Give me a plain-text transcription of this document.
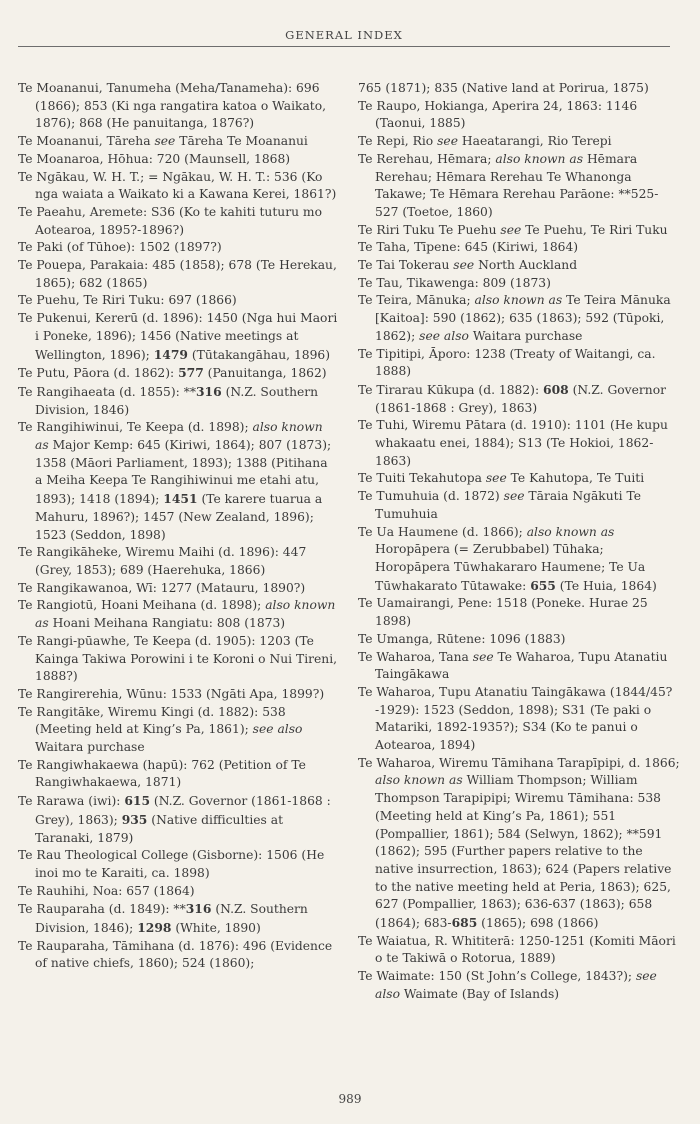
GENERAL INDEX

Te Moananui, Tanumeha (Meha/Tanameha): 696 (1866); 853 (Ki nga rangatira katoa o Waikato, 1876); 868 (He panuitanga, 1876?)

Te Moananui, Tāreha see Tāreha Te Moananui

Te Moanaroa, Hōhua: 720 (Maunsell, 1868)

Te Ngākau, W. H. T.; = Ngākau, W. H. T.: 536 (Ko nga waiata a Waikato ki a Kawana Kerei, 1861?)

Te Paeahu, Aremete: S36 (Ko te kahiti tuturu mo Aotearoa, 1895?-1896?)

Te Paki (of Tūhoe): 1502 (1897?)

Te Pouepa, Parakaia: 485 (1858); 678 (Te Herekau, 1865); 682 (1865)

Te Puehu, Te Riri Tuku: 697 (1866)

Te Pukenui, Kererū (d. 1896): 1450 (Nga hui Maori i Poneke, 1896); 1456 (Native meetings at Wellington, 1896); 1479 (Tūtakangāhau, 1896)

Te Putu, Pāora (d. 1862): 577 (Panuitanga, 1862)

Te Rangihaeata (d. 1855): **316 (N.Z. Southern Division, 1846)

Te Rangihiwinui, Te Keepa (d. 1898); also known as Major Kemp: 645 (Kiriwi, 1864); 807 (1873); 1358 (Māori Parliament, 1893); 1388 (Pitihana a Meiha Keepa Te Rangihiwinui me etahi atu, 1893); 1418 (1894); 1451 (Te karere tuarua a Mahuru, 1896?); 1457 (New Zealand, 1896); 1523 (Seddon, 1898)

Te Rangikāheke, Wiremu Maihi (d. 1896): 447 (Grey, 1853); 689 (Haerehuka, 1866)

Te Rangikawanoa, Wī: 1277 (Matauru, 1890?)

Te Rangiotū, Hoani Meihana (d. 1898); also known as Hoani Meihana Rangiatu: 808 (1873)

Te Rangi-pūawhe, Te Keepa (d. 1905): 1203 (Te Kainga Takiwa Porowini i te Koroni o Nui Tireni, 1888?)

Te Rangirerehia, Wūnu: 1533 (Ngāti Apa, 1899?)

Te Rangitāke, Wiremu Kingi (d. 1882): 538 (Meeting held at King’s Pa, 1861); see also Waitara purchase

Te Rangiwhakaewa (hapū): 762 (Petition of Te Rangiwhakaewa, 1871)

Te Rarawa (iwi): 615 (N.Z. Governor (1861-1868 : Grey), 1863); 935 (Native difficulties at Taranaki, 1879)

Te Rau Theological College (Gisborne): 1506 (He inoi mo te Karaiti, ca. 1898)

Te Rauhihi, Noa: 657 (1864)

Te Rauparaha (d. 1849): **316 (N.Z. Southern Division, 1846); 1298 (White, 1890)

Te Rauparaha, Tāmihana (d. 1876): 496 (Evidence of native chiefs, 1860); 524 (1860);

765 (1871); 835 (Native land at Porirua, 1875)

Te Raupo, Hokianga, Aperira 24, 1863: 1146 (Taonui, 1885)

Te Repi, Rio see Haeatarangi, Rio Terepi

Te Rerehau, Hēmara; also known as Hēmara Rerehau; Hēmara Rerehau Te Whanonga Takawe; Te Hēmara Rerehau Parāone: **525-527 (Toetoe, 1860)

Te Riri Tuku Te Puehu see Te Puehu, Te Riri Tuku

Te Taha, Tīpene: 645 (Kiriwi, 1864)

Te Tai Tokerau see North Auckland

Te Tau, Tikawenga: 809 (1873)

Te Teira, Mānuka; also known as Te Teira Mānuka [Kaitoa]: 590 (1862); 635 (1863); 592 (Tūpoki, 1862); see also Waitara purchase

Te Tipitipi, Āporo: 1238 (Treaty of Waitangi, ca. 1888)

Te Tirarau Kūkupa (d. 1882): 608 (N.Z. Governor (1861-1868 : Grey), 1863)

Te Tuhi, Wiremu Pātara (d. 1910): 1101 (He kupu whakaatu enei, 1884); S13 (Te Hokioi, 1862-1863)

Te Tuiti Tekahutopa see Te Kahutopa, Te Tuiti

Te Tumuhuia (d. 1872) see Tāraia Ngākuti Te Tumuhuia

Te Ua Haumene (d. 1866); also known as Horopāpera (= Zerubbabel) Tūhaka; Horopāpera Tūwhakararo Haumene; Te Ua Tūwhakarato Tūtawake: 655 (Te Huia, 1864)

Te Uamairangi, Pene: 1518 (Poneke. Hurae 25 1898)

Te Umanga, Rūtene: 1096 (1883)

Te Waharoa, Tana see Te Waharoa, Tupu Atanatiu Taingākawa

Te Waharoa, Tupu Atanatiu Taingākawa (1844/45?-1929): 1523 (Seddon, 1898); S31 (Te paki o Matariki, 1892-1935?); S34 (Ko te panui o Aotearoa, 1894)

Te Waharoa, Wiremu Tāmihana Tarapīpipi, d. 1866; also known as William Thompson; William Thompson Tarapipipi; Wiremu Tāmihana: 538 (Meeting held at King’s Pa, 1861); 551 (Pompallier, 1861); 584 (Selwyn, 1862); **591 (1862); 595 (Further papers relative to the native insurrection, 1863); 624 (Papers relative to the native meeting held at Peria, 1863); 625, 627 (Pompallier, 1863); 636-637 (1863); 658 (1864); 683-685 (1865); 698 (1866)

Te Waiatua, R. Whititerā: 1250-1251 (Komiti Māori o te Takiwā o Rotorua, 1889)

Te Waimate: 150 (St John’s College, 1843?); see also Waimate (Bay of Islands)

989
